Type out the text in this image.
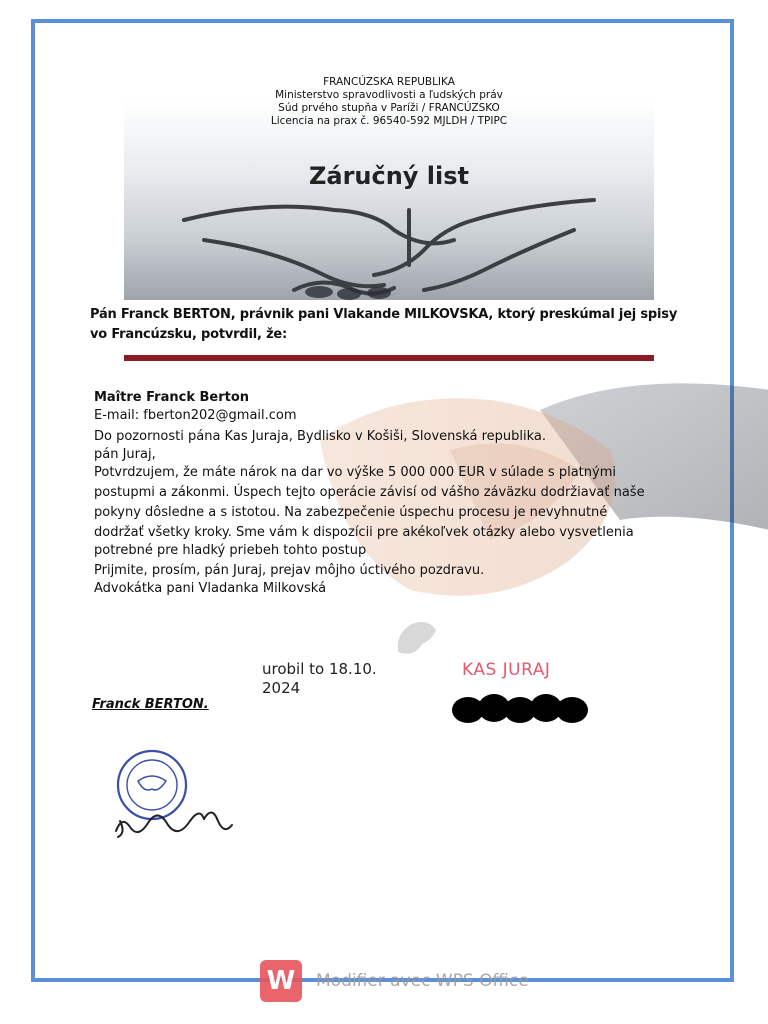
FRANCÚZSKA REPUBLIKA
Ministerstvo spravodlivosti a ľudských práv
Súd prvého stupňa v Paríži / FRANCÚZSKO
Licencia na prax č. 96540-592 MJLDH / TPIPC
Záručný list
Pán Franck BERTON, právnik pani Vlakande MILKOVSKA, ktorý preskúmal jej spisy
vo Francúzsku, potvrdil, že:
Maître Franck Berton
E-mail: fberton202@gmail.com
Do pozornosti pána Kas Juraja, Bydlisko v Košiši, Slovenská republika.
pán Juraj,
Potvrdzujem, že máte nárok na dar vo výške 5 000 000 EUR v súlade s platnými
postupmi a zákonmi. Úspech tejto operácie závisí od vášho záväzku dodržiavať naše
pokyny dôsledne a s istotou. Na zabezpečenie úspechu procesu je nevyhnutné
dodržať všetky kroky. Sme vám k dispozícii pre akékoľvek otázky alebo vysvetlenia
potrebné pre hladký priebeh tohto postup
Prijmite, prosím, pán Juraj, prejav môjho úctivého pozdravu.
Advokátka pani Vladanka Milkovská
urobil to 18.10.
2024
KAS JURAJ
Franck BERTON.
W	Modifier avec WPS Office
